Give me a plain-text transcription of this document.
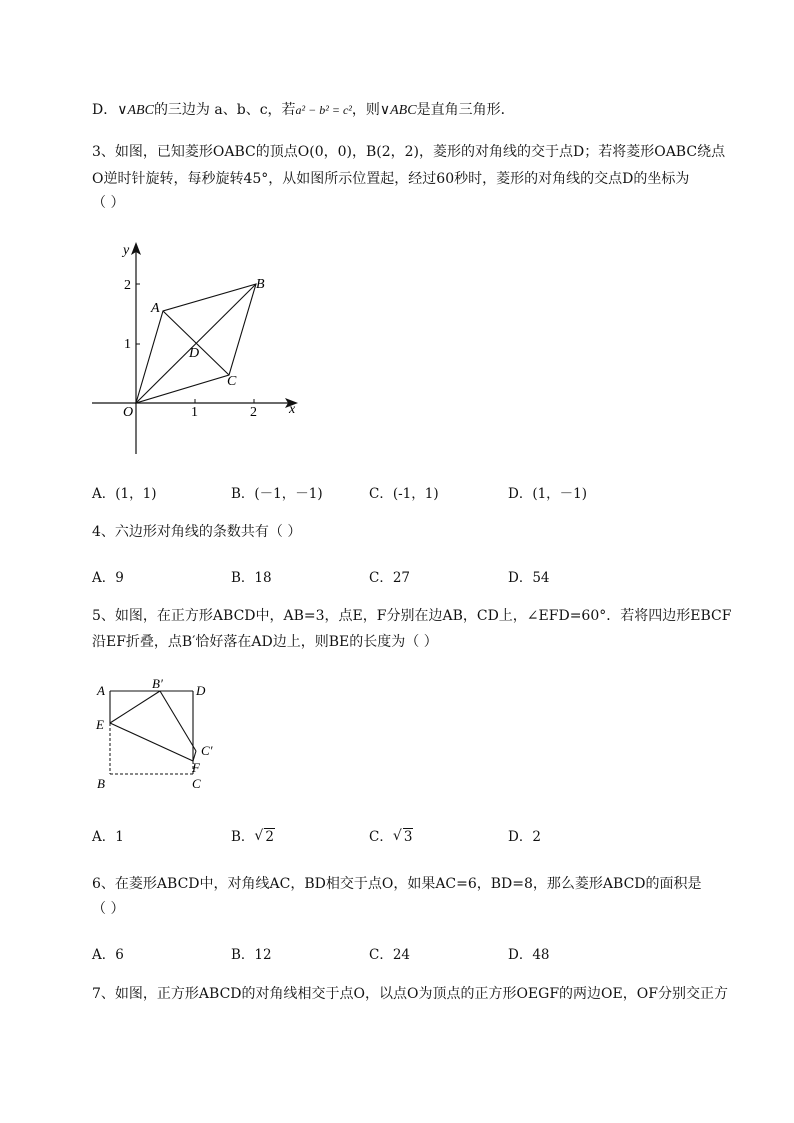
D．∨ABC的三边为 a、b、c，若a² − b² = c²，则∨ABC是直角三角形．
3、如图，已知菱形OABC的顶点O(0，0)，B(2，2)，菱形的对角线的交于点D；若将菱形OABC绕点
O逆时针旋转，每秒旋转45°，从如图所示位置起，经过60秒时，菱形的对角线的交点D的坐标为
（ ）
y
x
O
A
B
C
D
2
1
1	2
A．(1，1)	B．(－1，－1)	C．(-1，1)	D．(1，－1)
4、六边形对角线的条数共有（ ）
A．9	B．18	C．27	D．54
5、如图，在正方形ABCD中，AB=3，点E，F分别在边AB，CD上，∠EFD=60°．若将四边形EBCF
沿EF折叠，点B′恰好落在AD边上，则BE的长度为（ ）
A	B′	D
E
C′
F
B	C
A．1	B． √ 2	C． √ 3	D．2
6、在菱形ABCD中，对角线AC，BD相交于点O，如果AC=6，BD=8，那么菱形ABCD的面积是
（ ）
A．6	B．12	C．24	D．48
7、如图，正方形ABCD的对角线相交于点O，以点O为顶点的正方形OEGF的两边OE，OF分别交正方
